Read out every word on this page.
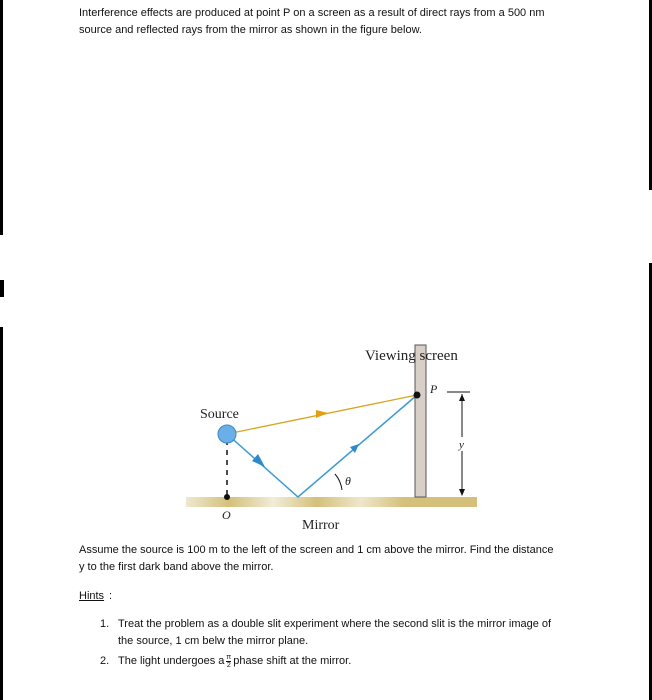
Interference effects are produced at point P on a screen as a result of direct rays from a 500 nm
source and reflected rays from the mirror as shown in the figure below.
Viewing screen
Source
P
O
Mirror
θ
y
Assume the source is 100 m to the left of the screen and 1 cm above the mirror. Find the distance
y to the first dark band above the mirror.
Hints :
1. Treat the problem as a double slit experiment where the second slit is the mirror image of
the source, 1 cm belw the mirror plane.
2. The light undergoes a $\frac{\pi}{2}$ phase shift at the mirror.
